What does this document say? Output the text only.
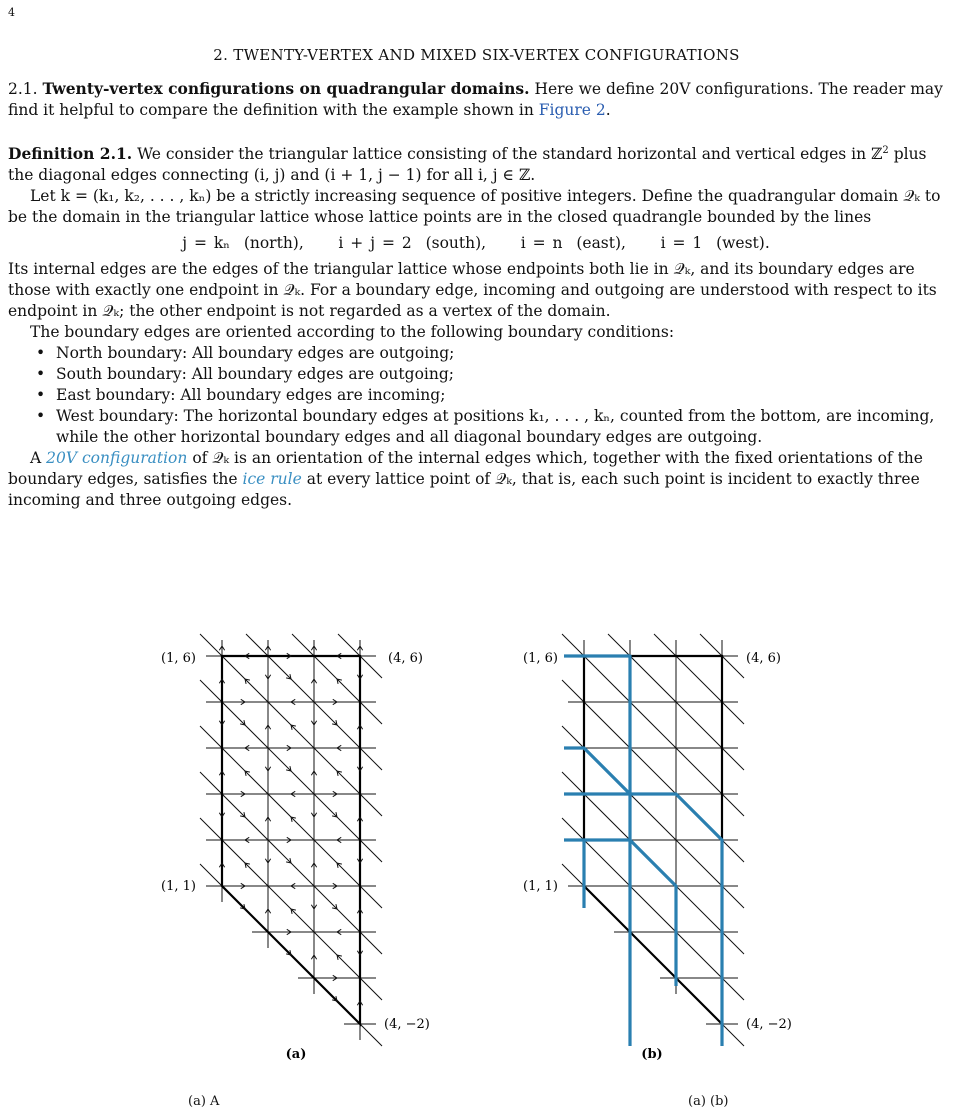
4
2. TWENTY-VERTEX AND MIXED SIX-VERTEX CONFIGURATIONS
2.1. Twenty-vertex configurations on quadrangular domains. Here we define 20V configurations. The reader may find it helpful to compare the definition with the example shown in Figure 2.
Definition 2.1. We consider the triangular lattice consisting of the standard horizontal and vertical edges in ℤ$^2$ plus the diagonal edges connecting (i, j) and (i + 1, j − 1) for all i, j ∈ ℤ.
Let k = (k₁, k₂, . . . , kₙ) be a strictly increasing sequence of positive integers. Define the quadrangular domain 𝒬ₖ to be the domain in the triangular lattice whose lattice points are in the closed quadrangle bounded by the lines
j = kₙ  (north),     i + j = 2  (south),     i = n  (east),     i = 1  (west).
Its internal edges are the edges of the triangular lattice whose endpoints both lie in 𝒬ₖ, and its boundary edges are those with exactly one endpoint in 𝒬ₖ. For a boundary edge, incoming and outgoing are understood with respect to its endpoint in 𝒬ₖ; the other endpoint is not regarded as a vertex of the domain.
The boundary edges are oriented according to the following boundary conditions:
• North boundary: All boundary edges are outgoing;
• South boundary: All boundary edges are outgoing;
• East boundary: All boundary edges are incoming;
• West boundary: The horizontal boundary edges at positions k₁, . . . , kₙ, counted from the bottom, are incoming, while the other horizontal boundary edges and all diagonal boundary edges are outgoing.
A 20V configuration of 𝒬ₖ is an orientation of the internal edges which, together with the fixed orientations of the boundary edges, satisfies the ice rule at every lattice point of 𝒬ₖ, that is, each such point is incident to exactly three incoming and three outgoing edges.
(1, 6)	(4, 6)
(1, 1)
(4, −2)
(a)
(1, 6)	(4, 6)
(1, 1)
(4, −2)
(b)
(a) A	(a) (b)
